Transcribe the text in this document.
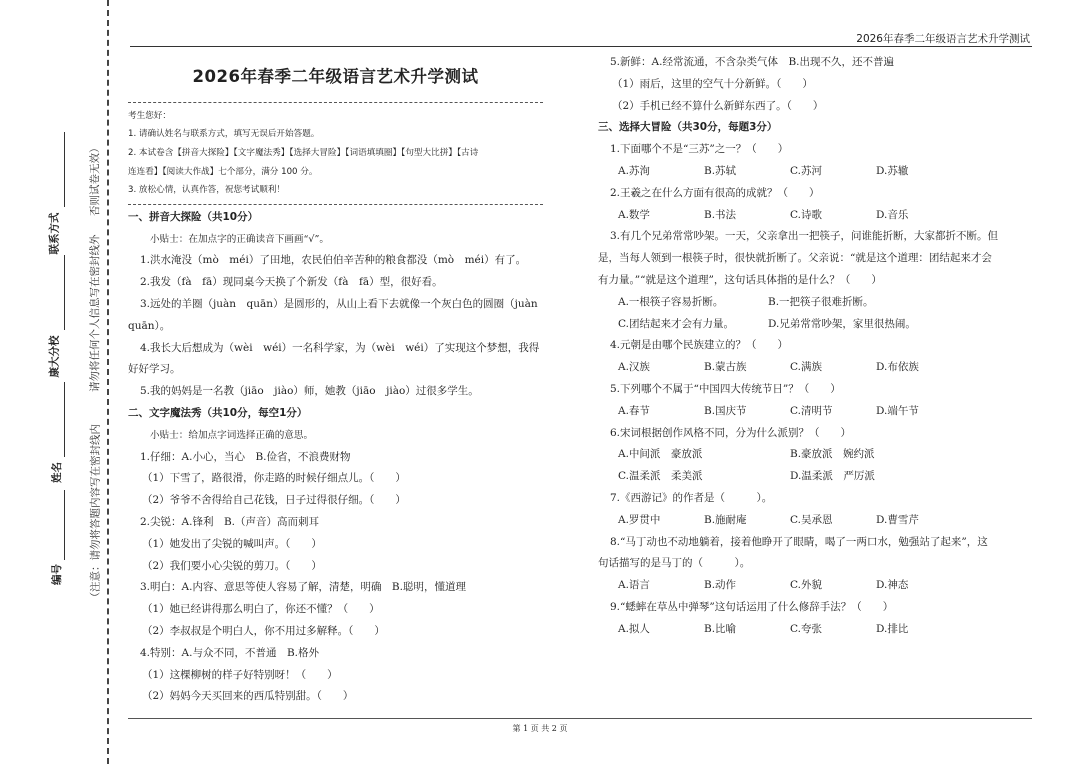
编号
姓名
康大分校
联系方式
（注意：请勿将答题内容写在密封线内
请勿将任何个人信息写在密封线外
否则试卷无效）
2026年春季二年级语言艺术升学测试
2026年春季二年级语言艺术升学测试
考生您好：
1. 请确认姓名与联系方式，填写无误后开始答题。
2. 本试卷含【拼音大探险】【文字魔法秀】【选择大冒险】【词语填填圈】【句型大比拼】【古诗
连连看】【阅读大作战】七个部分，满分 100 分。
3. 放松心情，认真作答，祝您考试顺利！
一、拼音大探险（共10分）
小贴士：在加点字的正确读音下画画“√”。
1.洪水淹没（mò　méi）了田地，农民伯伯辛苦种的粮食都没（mò　méi）有了。
2.我发（fà　fā）现同桌今天换了个新发（fà　fā）型，很好看。
3.远处的羊圈（juàn　quān）是圆形的，从山上看下去就像一个灰白色的圆圈（juàn
quān）。
4.我长大后想成为（wèi　wéi）一名科学家，为（wèi　wéi）了实现这个梦想，我得
好好学习。
5.我的妈妈是一名教（jiāo　jiào）师，她教（jiāo　jiào）过很多学生。
二、文字魔法秀（共10分，每空1分）
小贴士：给加点字词选择正确的意思。
1.仔细：A.小心，当心　B.俭省，不浪费财物
（1）下雪了，路很滑，你走路的时候仔细点儿。（　　）
（2）爷爷不舍得给自己花钱，日子过得很仔细。（　　）
2.尖锐：A.锋利　B.（声音）高而刺耳
（1）她发出了尖锐的喊叫声。（　　）
（2）我们要小心尖锐的剪刀。（　　）
3.明白：A.内容、意思等使人容易了解，清楚，明确　B.聪明，懂道理
（1）她已经讲得那么明白了，你还不懂？（　　）
（2）李叔叔是个明白人，你不用过多解释。（　　）
4.特别：A.与众不同，不普通　B.格外
（1）这棵柳树的样子好特别呀！（　　）
（2）妈妈今天买回来的西瓜特别甜。（　　）
5.新鲜：A.经常流通，不含杂类气体　B.出现不久，还不普遍
（1）雨后，这里的空气十分新鲜。（　　）
（2）手机已经不算什么新鲜东西了。（　　）
三、选择大冒险（共30分，每题3分）
1.下面哪个不是“三苏”之一？（　　）
A.苏洵	B.苏轼	C.苏河	D.苏辙
2.王羲之在什么方面有很高的成就？（　　）
A.数学	B.书法	C.诗歌	D.音乐
3.有几个兄弟常常吵架。一天，父亲拿出一把筷子，问谁能折断，大家都折不断。但
是，当每人领到一根筷子时，很快就折断了。父亲说：“就是这个道理：团结起来才会
有力量。”“就是这个道理”，这句话具体指的是什么？（　　）
A.一根筷子容易折断。	B.一把筷子很难折断。
C.团结起来才会有力量。	D.兄弟常常吵架，家里很热闹。
4.元朝是由哪个民族建立的？（　　）
A.汉族	B.蒙古族	C.满族	D.布依族
5.下列哪个不属于“中国四大传统节日”？（　　）
A.春节	B.国庆节	C.清明节	D.端午节
6.宋词根据创作风格不同，分为什么派别？（　　）
A.中间派　豪放派	B.豪放派　婉约派
C.温柔派　柔美派	D.温柔派　严厉派
7.《西游记》的作者是（　　　）。
A.罗贯中	B.施耐庵	C.吴承恩	D.曹雪芹
8.“马丁动也不动地躺着，接着他睁开了眼睛，喝了一两口水，勉强站了起来”，这
句话描写的是马丁的（　　　）。
A.语言	B.动作	C.外貌	D.神态
9.“蟋蟀在草丛中弹琴”这句话运用了什么修辞手法？（　　）
A.拟人	B.比喻	C.夸张	D.排比
第 1 页 共 2 页
